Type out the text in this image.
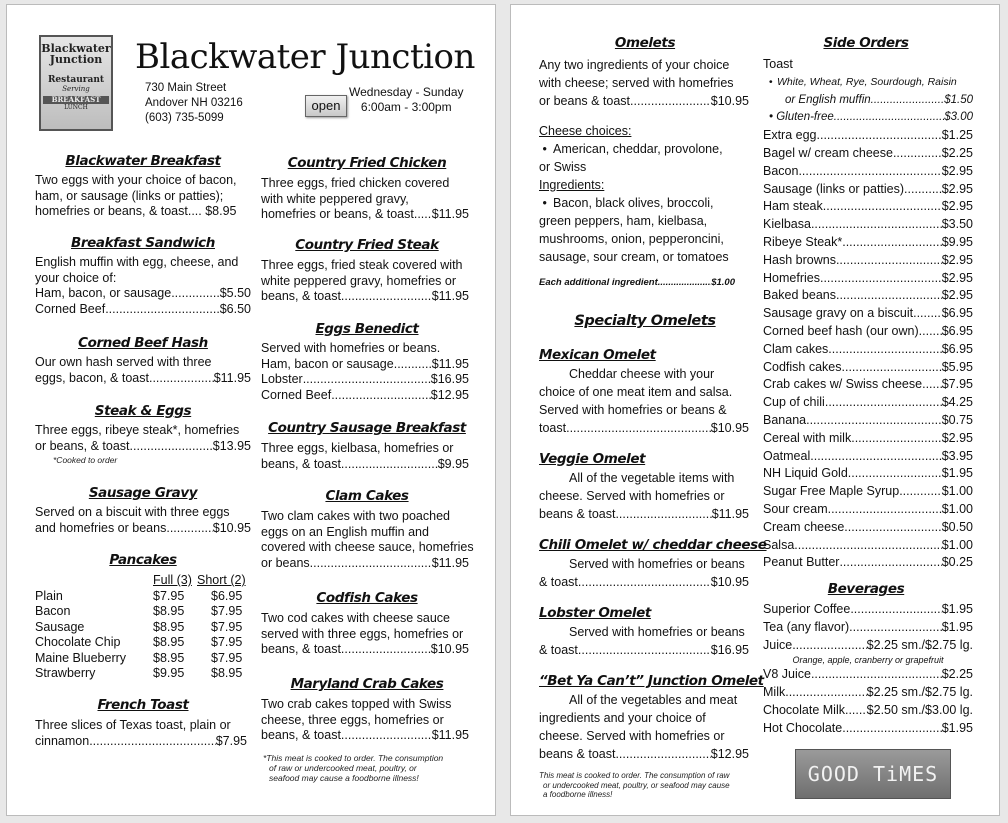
Blackwater
Junction
Restaurant
Serving
BREAKFAST
LUNCH
Blackwater Junction
730 Main Street
Andover NH 03216
(603) 735-5099
open
Wednesday - Sunday
6:00am - 3:00pm
Blackwater Breakfast
Two eggs with your choice of bacon,
ham, or sausage (links or patties);
homefries or beans, & toast.... $8.95
Breakfast Sandwich
English muffin with egg, cheese, and
your choice of:
Ham, bacon, or sausage .....	$5.50
Corned Beef .....	$6.50
Corned Beef Hash
Our own hash served with three
eggs, bacon, & toast .....	$11.95
Steak & Eggs
Three eggs, ribeye steak*, homefries
or beans, & toast .....	$13.95
*Cooked to order
Sausage Gravy
Served on a biscuit with three eggs
and homefries or beans .....	$10.95
Pancakes
Full (3) Short (2)
Plain	$7.95 $6.95
Bacon	$8.95 $7.95
Sausage	$8.95 $7.95
Chocolate Chip	$8.95 $7.95
Maine Blueberry $8.95 $7.95
Strawberry	$9.95 $8.95
French Toast
Three slices of Texas toast, plain or
cinnamon .....	$7.95
Country Fried Chicken
Three eggs, fried chicken covered
with white peppered gravy,
homefries or beans, & toast ..... $11.95
Country Fried Steak
Three eggs, fried steak covered with
white peppered gravy, homefries or
beans, & toast .....	$11.95
Eggs Benedict
Served with homefries or beans.
Ham, bacon or sausage .....	$11.95
Lobster .....	$16.95
Corned Beef .....	$12.95
Country Sausage Breakfast
Three eggs, kielbasa, homefries or
beans, & toast .....	$9.95
Clam Cakes
Two clam cakes with two poached
eggs on an English muffin and
covered with cheese sauce, homefries
or beans .....	$11.95
Codfish Cakes
Two cod cakes with cheese sauce
served with three eggs, homefries or
beans, & toast .....	$10.95
Maryland Crab Cakes
Two crab cakes topped with Swiss
cheese, three eggs, homefries or
beans, & toast .....	$11.95
*This meat is cooked to order. The consumption
of raw or undercooked meat, poultry, or
seafood may cause a foodborne illness!
Omelets
Any two ingredients of your choice
with cheese; served with homefries
or beans & toast .....	$10.95
Cheese choices:
• American, cheddar, provolone,
or Swiss
Ingredients:
• Bacon, black olives, broccoli,
green peppers, ham, kielbasa,
mushrooms, onion, pepperoncini,
sausage, sour cream, or tomatoes
Each additional ingredient .....	$1.00
Specialty Omelets
Mexican Omelet
Cheddar cheese with your
choice of one meat item and salsa.
Served with homefries or beans &
toast .....	$10.95
Veggie Omelet
All of the vegetable items with
cheese. Served with homefries or
beans & toast .....	$11.95
Chili Omelet w/ cheddar cheese
Served with homefries or beans
& toast .....	$10.95
Lobster Omelet
Served with homefries or beans
& toast .....	$16.95
“Bet Ya Can’t” Junction Omelet
All of the vegetables and meat
ingredients and your choice of
cheese. Served with homefries or
beans & toast .....	$12.95
This meat is cooked to order. The consumption of raw
or undercooked meat, poultry, or seafood may cause
a foodborne illness!
Side Orders
Toast
• White, Wheat, Rye, Sourdough, Raisin
or English muffin .....	$1.50
• Gluten-free .....	$3.00
Extra egg .....	$1.25
Bagel w/ cream cheese .....	$2.25
Bacon .....	$2.95
Sausage (links or patties) .....	$2.95
Ham steak .....	$2.95
Kielbasa .....	$3.50
Ribeye Steak* .....	$9.95
Hash browns .....	$2.95
Homefries .....	$2.95
Baked beans .....	$2.95
Sausage gravy on a biscuit ..... $6.95
Corned beef hash (our own) ..... $6.95
Clam cakes .....	$6.95
Codfish cakes .....	$5.95
Crab cakes w/ Swiss cheese ..... $7.95
Cup of chili .....	$4.25
Banana .....	$0.75
Cereal with milk .....	$2.95
Oatmeal .....	$3.95
NH Liquid Gold .....	$1.95
Sugar Free Maple Syrup .....	$1.00
Sour cream .....	$1.00
Cream cheese .....	$0.50
Salsa .....	$1.00
Peanut Butter .....	$0.25
Beverages
Superior Coffee .....	$1.95
Tea (any flavor) .....	$1.95
Juice .....	$2.25 sm./$2.75 lg.
Orange, apple, cranberry or grapefruit
V8 Juice .....	$2.25
Milk .....	$2.25 sm./$2.75 lg.
Chocolate Milk ..... $2.50 sm./$3.00 lg.
Hot Chocolate .....	$1.95
GOOD TiMES
